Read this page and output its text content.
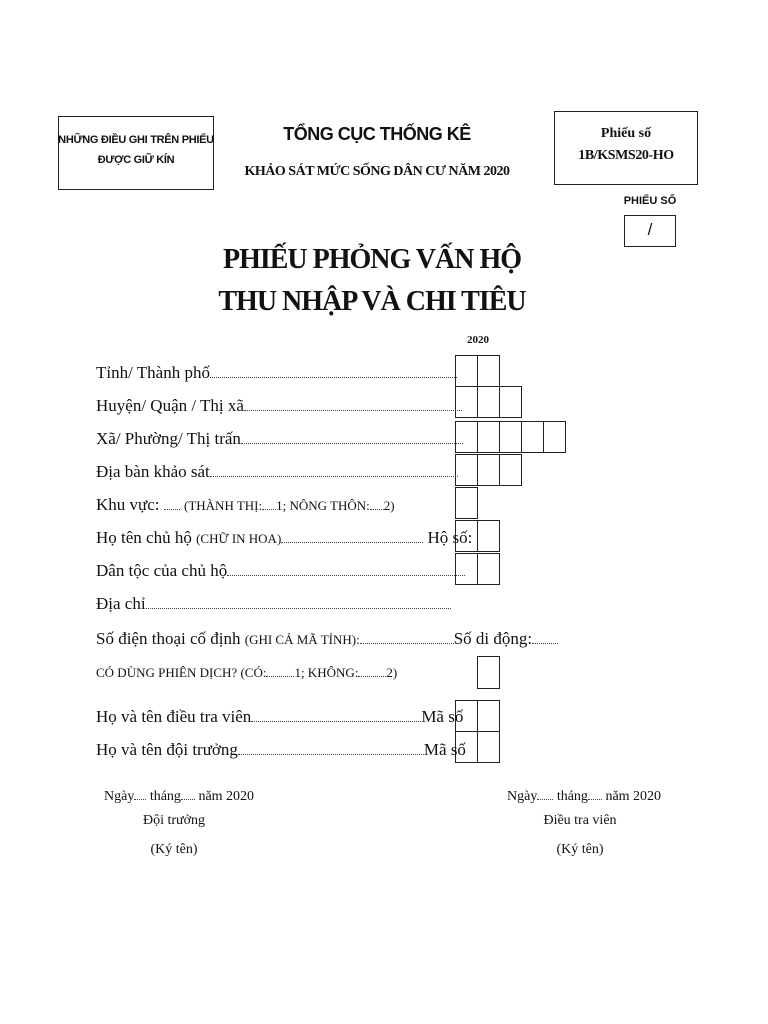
NHỮNG ĐIỀU GHI TRÊN PHIẾU
ĐƯỢC GIỮ KÍN
TỔNG CỤC THỐNG KÊ
KHẢO SÁT MỨC SỐNG DÂN CƯ NĂM 2020
Phiếu số
1B/KSMS20-HO
PHIẾU SỐ
/
PHIẾU PHỎNG VẤN HỘ
THU NHẬP VÀ CHI TIÊU
2020
Tỉnh/ Thành phố
Huyện/ Quận / Thị xã
Xã/ Phường/ Thị trấn
Địa bàn khảo sát
Khu vực: (THÀNH THỊ: 1; NÔNG THÔN: 2)
Họ tên chủ hộ (CHỮ IN HOA)	Hộ số:
Dân tộc của chủ hộ
Địa chỉ
Số điện thoại cố định (GHI CẢ MÃ TỈNH):	Số di động:
CÓ DÙNG PHIÊN DỊCH? (CÓ: 1; KHÔNG: 2)
Họ và tên điều tra viên	Mã số
Họ và tên đội trưởng	Mã số
Ngày tháng năm 2020
Đội trưởng
(Ký tên)
Ngày tháng năm 2020
Điều tra viên
(Ký tên)
